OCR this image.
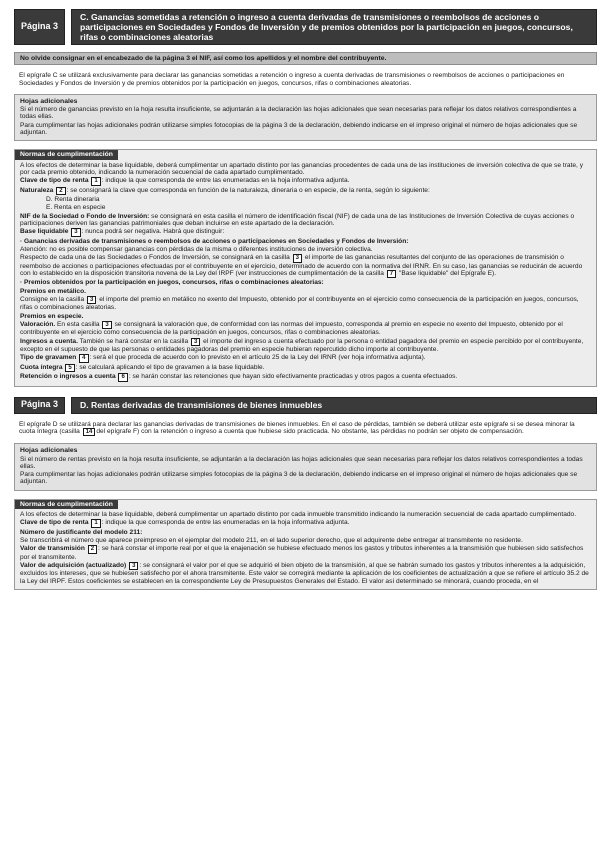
Página 3
C. Ganancias sometidas a retención o ingreso a cuenta derivadas de transmisiones o reembolsos de acciones o participaciones en Sociedades y Fondos de Inversión y de premios obtenidos por la participación en juegos, concursos, rifas o combinaciones aleatorias
No olvide consignar en el encabezado de la página 3 el NIF, así como los apellidos y el nombre del contribuyente.

El epígrafe C se utilizará exclusivamente para declarar las ganancias sometidas a retención o ingreso a cuenta derivadas de transmisiones o reembolsos de acciones o participaciones en Sociedades y Fondos de Inversión y de premios obtenidos por la participación en juegos, concursos, rifas o combinaciones aleatorias.

Hojas adicionales

Si el número de ganancias previsto en la hoja resulta insuficiente, se adjuntarán a la declaración las hojas adicionales que sean necesarias para reflejar los datos relativos correspondientes a todas ellas.

Para cumplimentar las hojas adicionales podrán utilizarse simples fotocopias de la página 3 de la declaración, debiendo indicarse en el impreso original el número de hojas adicionales que se adjuntan.

Normas de cumplimentación

A los efectos de determinar la base liquidable, deberá cumplimentar un apartado distinto por las ganancias procedentes de cada una de las instituciones de inversión colectiva de que se trate, y por cada premio obtenido, indicando la numeración secuencial de cada apartado cumplimentado.

Clave de tipo de renta 1 : indique la que corresponda de entre las enumeradas en la hoja informativa adjunta.

Naturaleza 2 : se consignará la clave que corresponda en función de la naturaleza, dineraria o en especie, de la renta, según lo siguiente:

D. Renta dineraria

E. Renta en especie

NIF de la Sociedad o Fondo de Inversión: se consignará en esta casilla el número de identificación fiscal (NIF) de cada una de las Instituciones de Inversión Colectiva de cuyas acciones o participaciones deriven las ganancias patrimoniales que deban incluirse en este apartado de la declaración.

Base liquidable 3 : nunca podrá ser negativa. Habrá que distinguir:

· Ganancias derivadas de transmisiones o reembolsos de acciones o participaciones en Sociedades y Fondos de Inversión:

Atención: no es posible compensar ganancias con pérdidas de la misma o diferentes instituciones de inversión colectiva.

Respecto de cada una de las Sociedades o Fondos de Inversión, se consignará en la casilla 3 el importe de las ganancias resultantes del conjunto de las operaciones de transmisión o reembolso de acciones o participaciones efectuadas por el contribuyente en el ejercicio, determinado de acuerdo con la normativa del IRNR. En su caso, las ganancias se reducirán de acuerdo con lo establecido en la disposición transitoria novena de la Ley del IRPF (ver instrucciones de cumplimentación de la casilla 7 "Base liquidable" del Epígrafe E).

· Premios obtenidos por la participación en juegos, concursos, rifas o combinaciones aleatorias:

Premios en metálico.

Consigne en la casilla 3 el importe del premio en metálico no exento del Impuesto, obtenido por el contribuyente en el ejercicio como consecuencia de la participación en juegos, concursos, rifas o combinaciones aleatorias.

Premios en especie.

Valoración. En esta casilla 3 se consignará la valoración que, de conformidad con las normas del impuesto, corresponda al premio en especie no exento del Impuesto, obtenido por el contribuyente en el ejercicio como consecuencia de la participación en juegos, concursos, rifas o combinaciones aleatorias.

Ingresos a cuenta. También se hará constar en la casilla 3 el importe del ingreso a cuenta efectuado por la persona o entidad pagadora del premio en especie percibido por el contribuyente, excepto en el supuesto de que las personas o entidades pagadoras del premio en especie hubieran repercutido dicho importe al contribuyente.

Tipo de gravamen 4 : será el que proceda de acuerdo con lo previsto en el artículo 25 de la Ley del IRNR (ver hoja informativa adjunta).

Cuota íntegra 5 : se calculará aplicando el tipo de gravamen a la base liquidable.

Retención o ingresos a cuenta 6 : se harán constar las retenciones que hayan sido efectivamente practicadas y otros pagos a cuenta efectuados.

Página 3	D. Rentas derivadas de transmisiones de bienes inmuebles

El epígrafe D se utilizará para declarar las ganancias derivadas de transmisiones de bienes inmuebles. En el caso de pérdidas, también se deberá utilizar este epígrafe si se desea minorar la cuota íntegra (casilla 14 del epígrafe F) con la retención o ingreso a cuenta que hubiese sido practicada. No obstante, las pérdidas no podrán ser objeto de compensación.

Hojas adicionales

Si el número de rentas previsto en la hoja resulta insuficiente, se adjuntarán a la declaración las hojas adicionales que sean necesarias para reflejar los datos relativos correspondientes a todas ellas.

Para cumplimentar las hojas adicionales podrán utilizarse simples fotocopias de la página 3 de la declaración, debiendo indicarse en el impreso original el número de hojas adicionales que se adjuntan.

Normas de cumplimentación

A los efectos de determinar la base liquidable, deberá cumplimentar un apartado distinto por cada inmueble transmitido indicando la numeración secuencial de cada apartado cumplimentado.

Clave de tipo de renta 1 : indique la que corresponda de entre las enumeradas en la hoja informativa adjunta.

Número de justificante del modelo 211:

Se transcribirá el número que aparece preimpreso en el ejemplar del modelo 211, en el lado superior derecho, que el adquirente debe entregar al transmitente no residente.

Valor de transmisión 2 : se hará constar el importe real por el que la enajenación se hubiese efectuado menos los gastos y tributos inherentes a la transmisión que hubiesen sido satisfechos por el transmitente.

Valor de adquisición (actualizado) 3 : se consignará el valor por el que se adquirió el bien objeto de la transmisión, al que se habrán sumado los gastos y tributos inherentes a la adquisición, excluidos los intereses, que se hubiesen satisfecho por el ahora transmitente. Este valor se corregirá mediante la aplicación de los coeficientes de actualización a que se refiere el artículo 35.2 de la Ley del IRPF. Estos coeficientes se establecen en la correspondiente Ley de Presupuestos Generales del Estado. El valor así determinado se minorará, cuando proceda, en el
